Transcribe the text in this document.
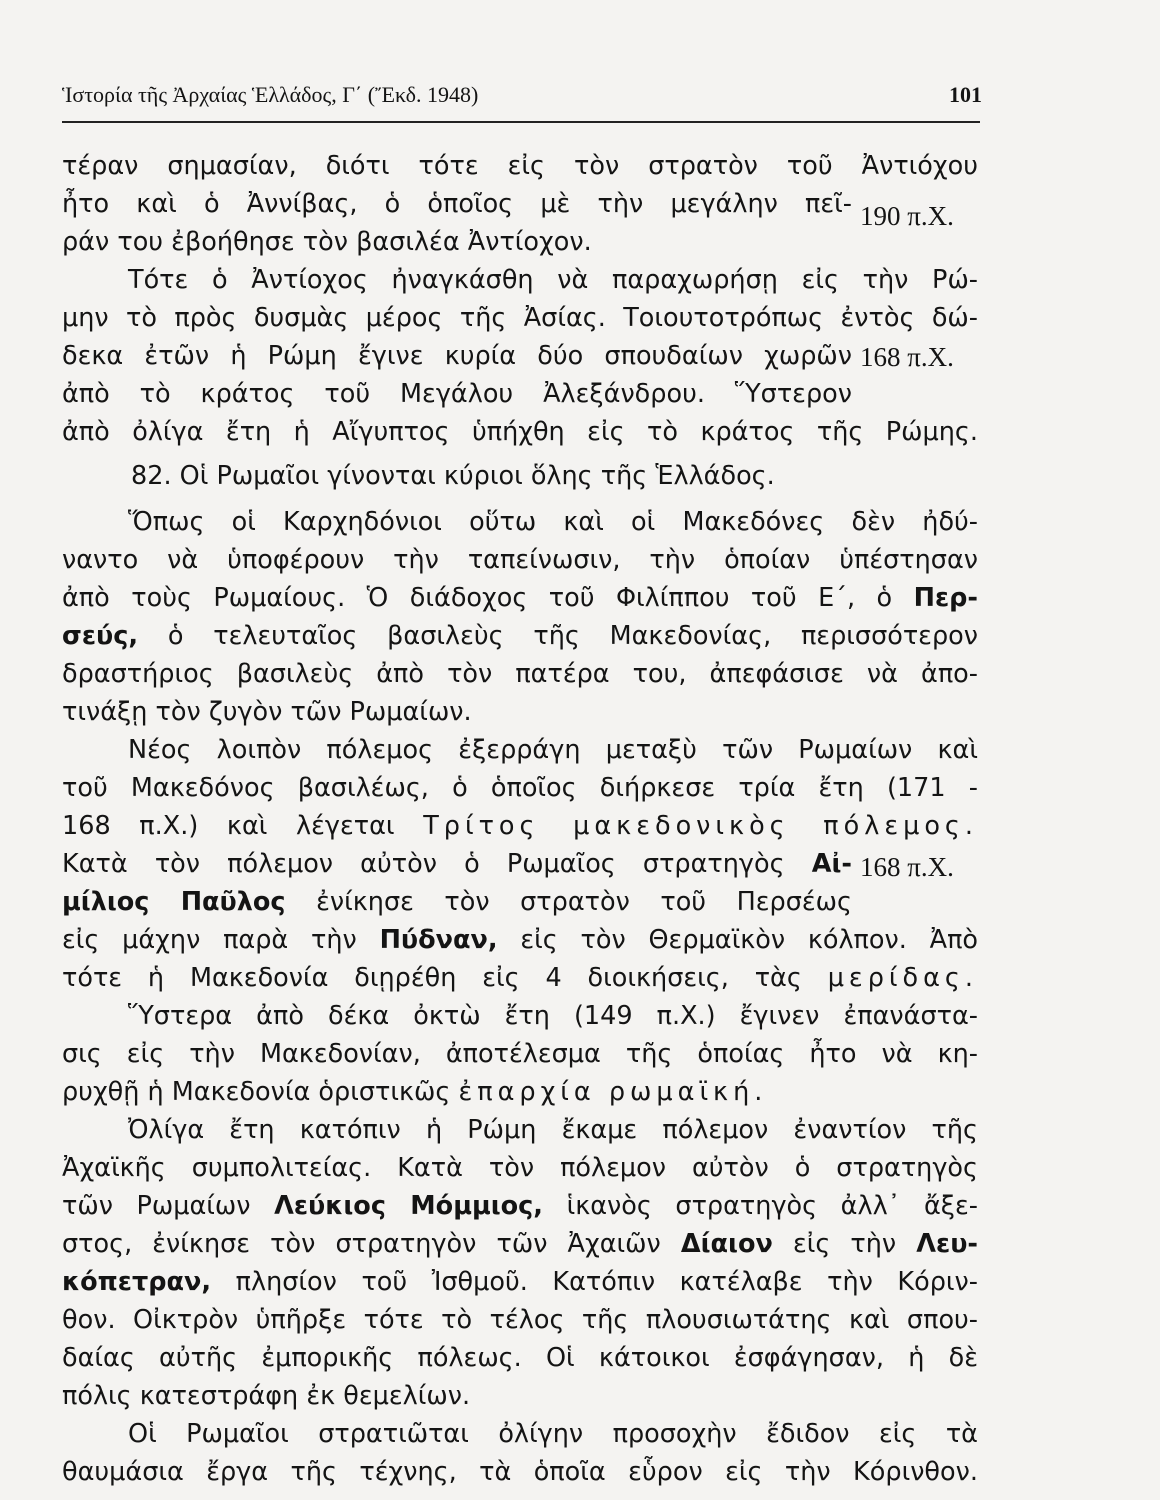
Ἱστορία τῆς Ἀρχαίας Ἑλλάδος, Γ΄ (Ἔκδ. 1948)	101
τέραν σημασίαν, διότι τότε εἰς τὸν στρατὸν τοῦ Ἀντιόχου
ἦτο καὶ ὁ Ἀννίβας, ὁ ὁποῖος μὲ τὴν μεγάλην πεῖ-
ράν του ἐβοήθησε τὸν βασιλέα Ἀντίοχον.
190 π.Χ.
Τότε ὁ Ἀντίοχος ἠναγκάσθη νὰ παραχωρήσῃ εἰς τὴν Ρώ-
μην τὸ πρὸς δυσμὰς μέρος τῆς Ἀσίας. Τοιουτοτρόπως ἐντὸς δώ-
δεκα ἐτῶν ἡ Ρώμη ἔγινε κυρία δύο σπουδαίων χωρῶν
ἀπὸ τὸ κράτος τοῦ Μεγάλου Ἀλεξάνδρου. Ὕστερον
168 π.Χ.
ἀπὸ ὀλίγα ἔτη ἡ Αἴγυπτος ὑπήχθη εἰς τὸ κράτος τῆς Ρώμης.
82. Οἱ Ρωμαῖοι γίνονται κύριοι ὅλης τῆς Ἑλλάδος.
Ὅπως οἱ Καρχηδόνιοι οὕτω καὶ οἱ Μακεδόνες δὲν ἠδύ-
ναντο νὰ ὑποφέρουν τὴν ταπείνωσιν, τὴν ὁποίαν ὑπέστησαν
ἀπὸ τοὺς Ρωμαίους. Ὁ διάδοχος τοῦ Φιλίππου τοῦ Ε΄, ὁ Περ-
σεύς, ὁ τελευταῖος βασιλεὺς τῆς Μακεδονίας, περισσότερον
δραστήριος βασιλεὺς ἀπὸ τὸν πατέρα του, ἀπεφάσισε νὰ ἀπο-
τινάξῃ τὸν ζυγὸν τῶν Ρωμαίων.
Νέος λοιπὸν πόλεμος ἐξερράγη μεταξὺ τῶν Ρωμαίων καὶ
τοῦ Μακεδόνος βασιλέως, ὁ ὁποῖος διήρκεσε τρία ἔτη (171 -
168 π.Χ.) καὶ λέγεται Τρίτος μακεδονικὸς πόλεμος.
Κατὰ τὸν πόλεμον αὐτὸν ὁ Ρωμαῖος στρατηγὸς Αἰ-
μίλιος Παῦλος ἐνίκησε τὸν στρατὸν τοῦ Περσέως
168 π.Χ.
εἰς μάχην παρὰ τὴν Πύδναν, εἰς τὸν Θερμαϊκὸν κόλπον. Ἀπὸ
τότε ἡ Μακεδονία διῃρέθη εἰς 4 διοικήσεις, τὰς μερίδας.
Ὕστερα ἀπὸ δέκα ὀκτὼ ἔτη (149 π.Χ.) ἔγινεν ἐπανάστα-
σις εἰς τὴν Μακεδονίαν, ἀποτέλεσμα τῆς ὁποίας ἦτο νὰ κη-
ρυχθῇ ἡ Μακεδονία ὁριστικῶς ἐπαρχία ρωμαϊκή.
Ὀλίγα ἔτη κατόπιν ἡ Ρώμη ἔκαμε πόλεμον ἐναντίον τῆς
Ἀχαϊκῆς συμπολιτείας. Κατὰ τὸν πόλεμον αὐτὸν ὁ στρατηγὸς
τῶν Ρωμαίων Λεύκιος Μόμμιος, ἱκανὸς στρατηγὸς ἀλλ᾽ ἄξε-
στος, ἐνίκησε τὸν στρατηγὸν τῶν Ἀχαιῶν Δίαιον εἰς τὴν Λευ-
κόπετραν, πλησίον τοῦ Ἰσθμοῦ. Κατόπιν κατέλαβε τὴν Κόριν-
θον. Οἰκτρὸν ὑπῆρξε τότε τὸ τέλος τῆς πλουσιωτάτης καὶ σπου-
δαίας αὐτῆς ἐμπορικῆς πόλεως. Οἱ κάτοικοι ἐσφάγησαν, ἡ δὲ
πόλις κατεστράφη ἐκ θεμελίων.
Οἱ Ρωμαῖοι στρατιῶται ὀλίγην προσοχὴν ἔδιδον εἰς τὰ
θαυμάσια ἔργα τῆς τέχνης, τὰ ὁποῖα εὗρον εἰς τὴν Κόρινθον.
